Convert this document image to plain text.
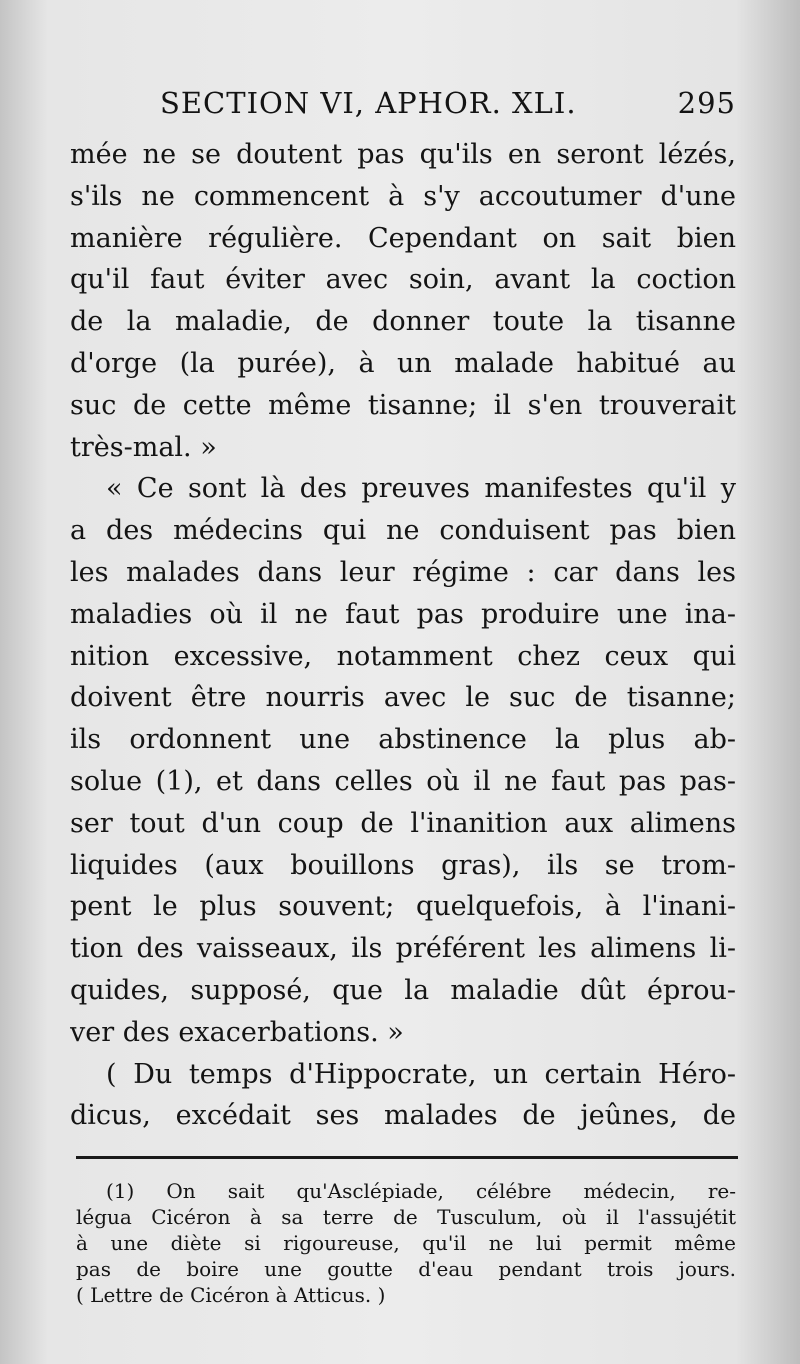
SECTION VI, APHOR. XLI.	295
mée ne se doutent pas qu'ils en seront lézés,
s'ils ne commencent à s'y accoutumer d'une
manière régulière. Cependant on sait bien
qu'il faut éviter avec soin, avant la coction
de la maladie, de donner toute la tisanne
d'orge (la purée), à un malade habitué au
suc de cette même tisanne; il s'en trouverait
très-mal. »
« Ce sont là des preuves manifestes qu'il y
a des médecins qui ne conduisent pas bien
les malades dans leur régime : car dans les
maladies où il ne faut pas produire une ina-
nition excessive, notamment chez ceux qui
doivent être nourris avec le suc de tisanne;
ils ordonnent une abstinence la plus ab-
solue (1), et dans celles où il ne faut pas pas-
ser tout d'un coup de l'inanition aux alimens
liquides (aux bouillons gras), ils se trom-
pent le plus souvent; quelquefois, à l'inani-
tion des vaisseaux, ils préférent les alimens li-
quides, supposé, que la maladie dût éprou-
ver des exacerbations. »
( Du temps d'Hippocrate, un certain Héro-
dicus, excédait ses malades de jeûnes, de
(1) On sait qu'Asclépiade, célébre médecin, re-
légua Cicéron à sa terre de Tusculum, où il l'assujétit
à une diète si rigoureuse, qu'il ne lui permit même
pas de boire une goutte d'eau pendant trois jours.
( Lettre de Cicéron à Atticus. )
